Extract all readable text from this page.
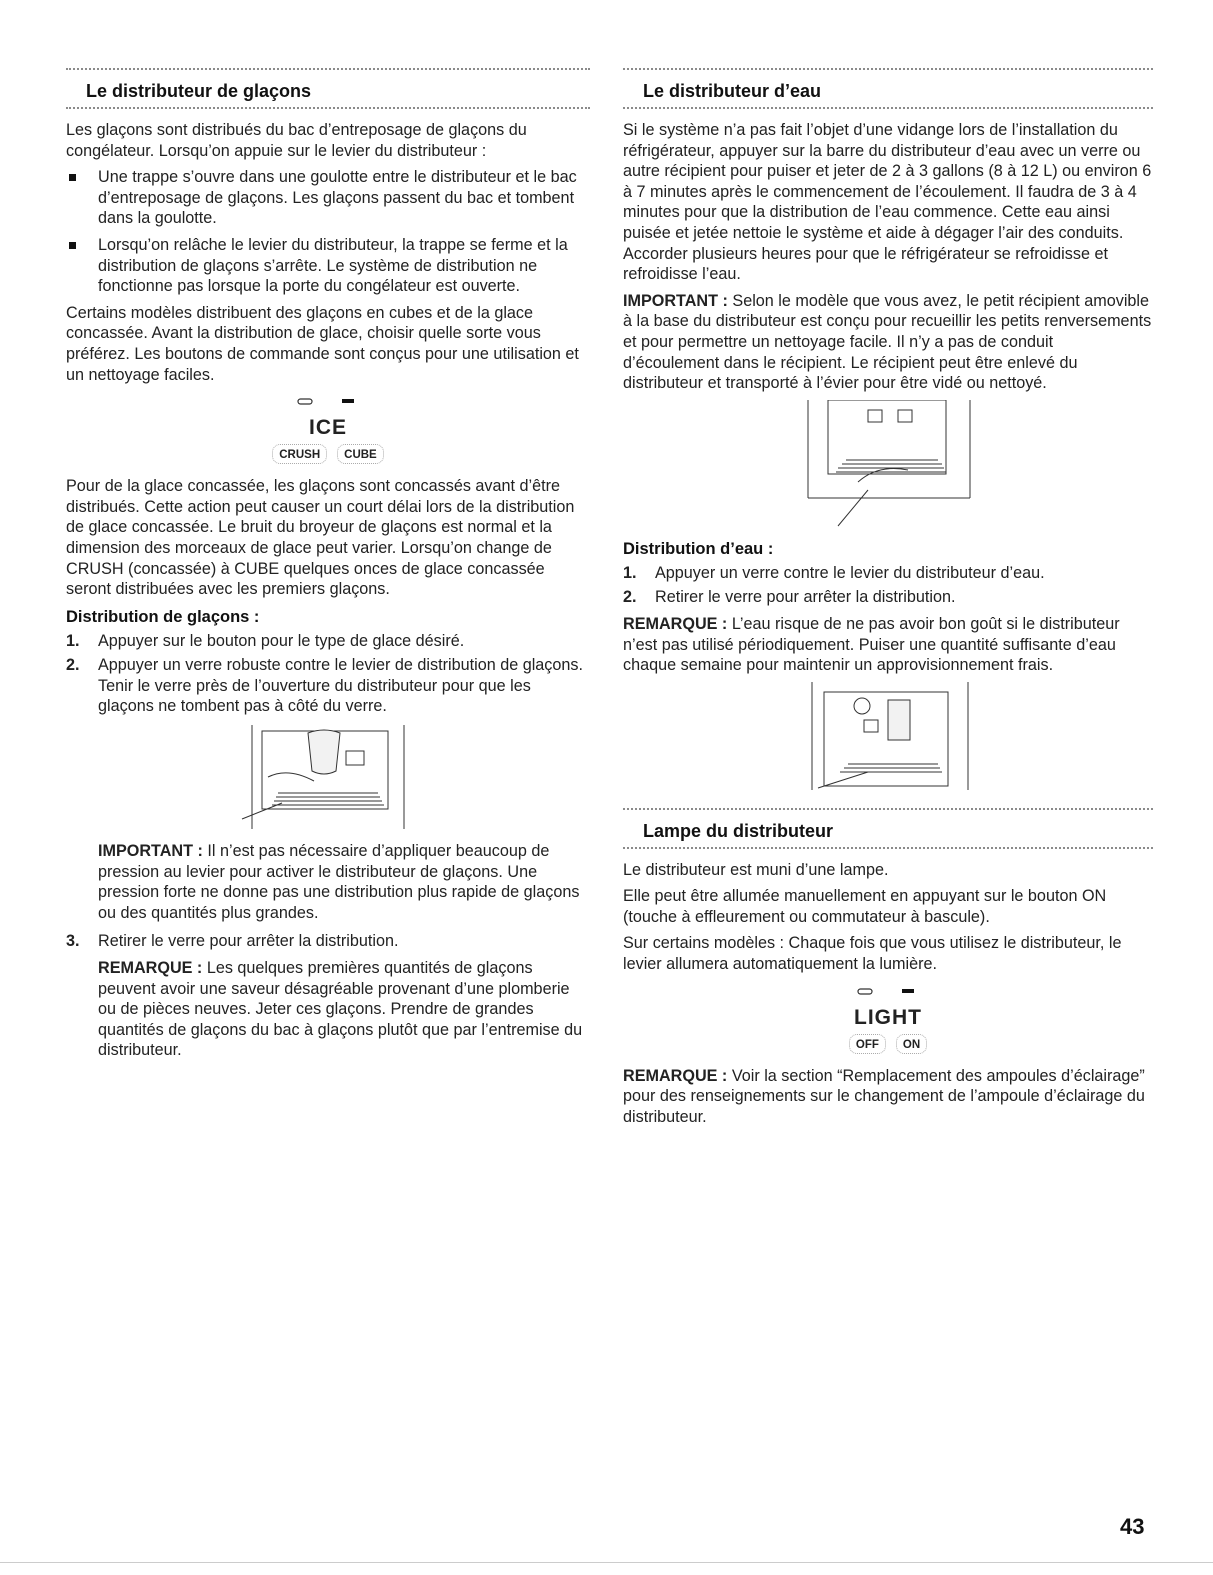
Le distributeur de glaçons

Les glaçons sont distribués du bac d’entreposage de glaçons du congélateur. Lorsqu’on appuie sur le levier du distributeur :

Une trappe s’ouvre dans une goulotte entre le distributeur et le bac d’entreposage de glaçons. Les glaçons passent du bac et tombent dans la goulotte.
Lorsqu’on relâche le levier du distributeur, la trappe se ferme et la distribution de glaçons s’arrête. Le système de distribution ne fonctionne pas lorsque la porte du congélateur est ouverte.

Certains modèles distribuent des glaçons en cubes et de la glace concassée. Avant la distribution de glace, choisir quelle sorte vous préférez. Les boutons de commande sont conçus pour une utilisation et un nettoyage faciles.

ICE
CRUSH	CUBE

Pour de la glace concassée, les glaçons sont concassés avant d’être distribués. Cette action peut causer un court délai lors de la distribution de glace concassée. Le bruit du broyeur de glaçons est normal et la dimension des morceaux de glace peut varier. Lorsqu’on change de CRUSH (concassée) à CUBE quelques onces de glace concassée seront distribuées avec les premiers glaçons.

Distribution de glaçons :
1. Appuyer sur le bouton pour le type de glace désiré.
2. Appuyer un verre robuste contre le levier de distribution de glaçons. Tenir le verre près de l’ouverture du distributeur pour que les glaçons ne tombent pas à côté du verre.

IMPORTANT : Il n’est pas nécessaire d’appliquer beaucoup de pression au levier pour activer le distributeur de glaçons. Une pression forte ne donne pas une distribution plus rapide de glaçons ou des quantités plus grandes.

3. Retirer le verre pour arrêter la distribution.

REMARQUE : Les quelques premières quantités de glaçons peuvent avoir une saveur désagréable provenant d’une plomberie ou de pièces neuves. Jeter ces glaçons. Prendre de grandes quantités de glaçons du bac à glaçons plutôt que par l’entremise du distributeur.

Le distributeur d’eau

Si le système n’a pas fait l’objet d’une vidange lors de l’installation du réfrigérateur, appuyer sur la barre du distributeur d’eau avec un verre ou autre récipient pour puiser et jeter de 2 à 3 gallons (8 à 12 L) ou environ 6 à 7 minutes après le commencement de l’écoulement. Il faudra de 3 à 4 minutes pour que la distribution de l’eau commence. Cette eau ainsi puisée et jetée nettoie le système et aide à dégager l’air des conduits. Accorder plusieurs heures pour que le réfrigérateur se refroidisse et refroidisse l’eau.

IMPORTANT : Selon le modèle que vous avez, le petit récipient amovible à la base du distributeur est conçu pour recueillir les petits renversements et pour permettre un nettoyage facile. Il n’y a pas de conduit d’écoulement dans le récipient. Le récipient peut être enlevé du distributeur et transporté à l’évier pour être vidé ou nettoyé.

Distribution d’eau :
1. Appuyer un verre contre le levier du distributeur d’eau.
2. Retirer le verre pour arrêter la distribution.

REMARQUE : L’eau risque de ne pas avoir bon goût si le distributeur n’est pas utilisé périodiquement. Puiser une quantité suffisante d’eau chaque semaine pour maintenir un approvisionnement frais.

Lampe du distributeur

Le distributeur est muni d’une lampe.

Elle peut être allumée manuellement en appuyant sur le bouton ON (touche à effleurement ou commutateur à bascule).

Sur certains modèles : Chaque fois que vous utilisez le distributeur, le levier allumera automatiquement la lumière.

LIGHT
OFF	ON

REMARQUE : Voir la section “Remplacement des ampoules d’éclairage” pour des renseignements sur le changement de l’ampoule d’éclairage du distributeur.

43
